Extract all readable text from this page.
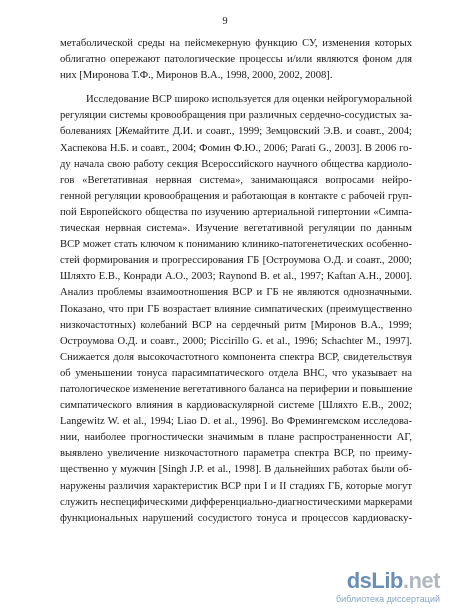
9
метаболической среды на пейсмекерную функцию СУ, изменения которых
облигатно опережают патологические процессы и/или являются фоном для
них [Миронова Т.Ф., Миронов В.А., 1998, 2000, 2002, 2008].
Исследование ВСР широко используется для оценки нейрогуморальной
регуляции системы кровообращения при различных сердечно-сосудистых за-
болеваниях [Жемайтите Д.И. и соавт., 1999; Земцовский Э.В. и соавт., 2004;
Хаспекова Н.Б. и соавт., 2004; Фомин Ф.Ю., 2006; Parati G., 2003]. В 2006 го-
ду начала свою работу секция Всероссийского научного общества кардиоло-
гов «Вегетативная нервная система», занимающаяся вопросами нейро-
генной регуляции кровообращения и работающая в контакте с рабочей груп-
пой Европейского общества по изучению артериальной гипертонии «Симпа-
тическая нервная система». Изучение вегетативной регуляции по данным
ВСР может стать ключом к пониманию клинико-патогенетических особенно-
стей формирования и прогрессирования ГБ [Остроумова О.Д. и соавт., 2000;
Шляхто Е.В., Конради А.О., 2003; Raynond B. et al., 1997; Kaftan A.H., 2000].
Анализ проблемы взаимоотношения ВСР и ГБ не являются однозначными.
Показано, что при ГБ возрастает влияние симпатических (преимущественно
низкочастотных) колебаний ВСР на сердечный ритм [Миронов В.А., 1999;
Остроумова О.Д. и соавт., 2000; Piccirillo G. et al., 1996; Schachter M., 1997].
Снижается доля высокочастотного компонента спектра ВСР, свидетельствуя
об уменьшении тонуса парасимпатического отдела ВНС, что указывает на
патологическое изменение вегетативного баланса на периферии и повышение
симпатического влияния в кардиоваскулярной системе [Шляхто Е.В., 2002;
Langewitz W. et al., 1994; Liao D. et al., 1996]. Во Фремингемском исследова-
нии, наиболее прогностически значимым в плане распространенности АГ,
выявлено увеличение низкочастотного параметра спектра ВСР, по преиму-
щественно у мужчин [Singh J.P. et al., 1998]. В дальнейших работах были об-
наружены различия характеристик ВСР при I и II стадиях ГБ, которые могут
служить неспецифическими дифференциально-диагностическими маркерами
функциональных нарушений сосудистого тонуса и процессов кардиоваску-
dsLib.net
библиотека диссертаций
